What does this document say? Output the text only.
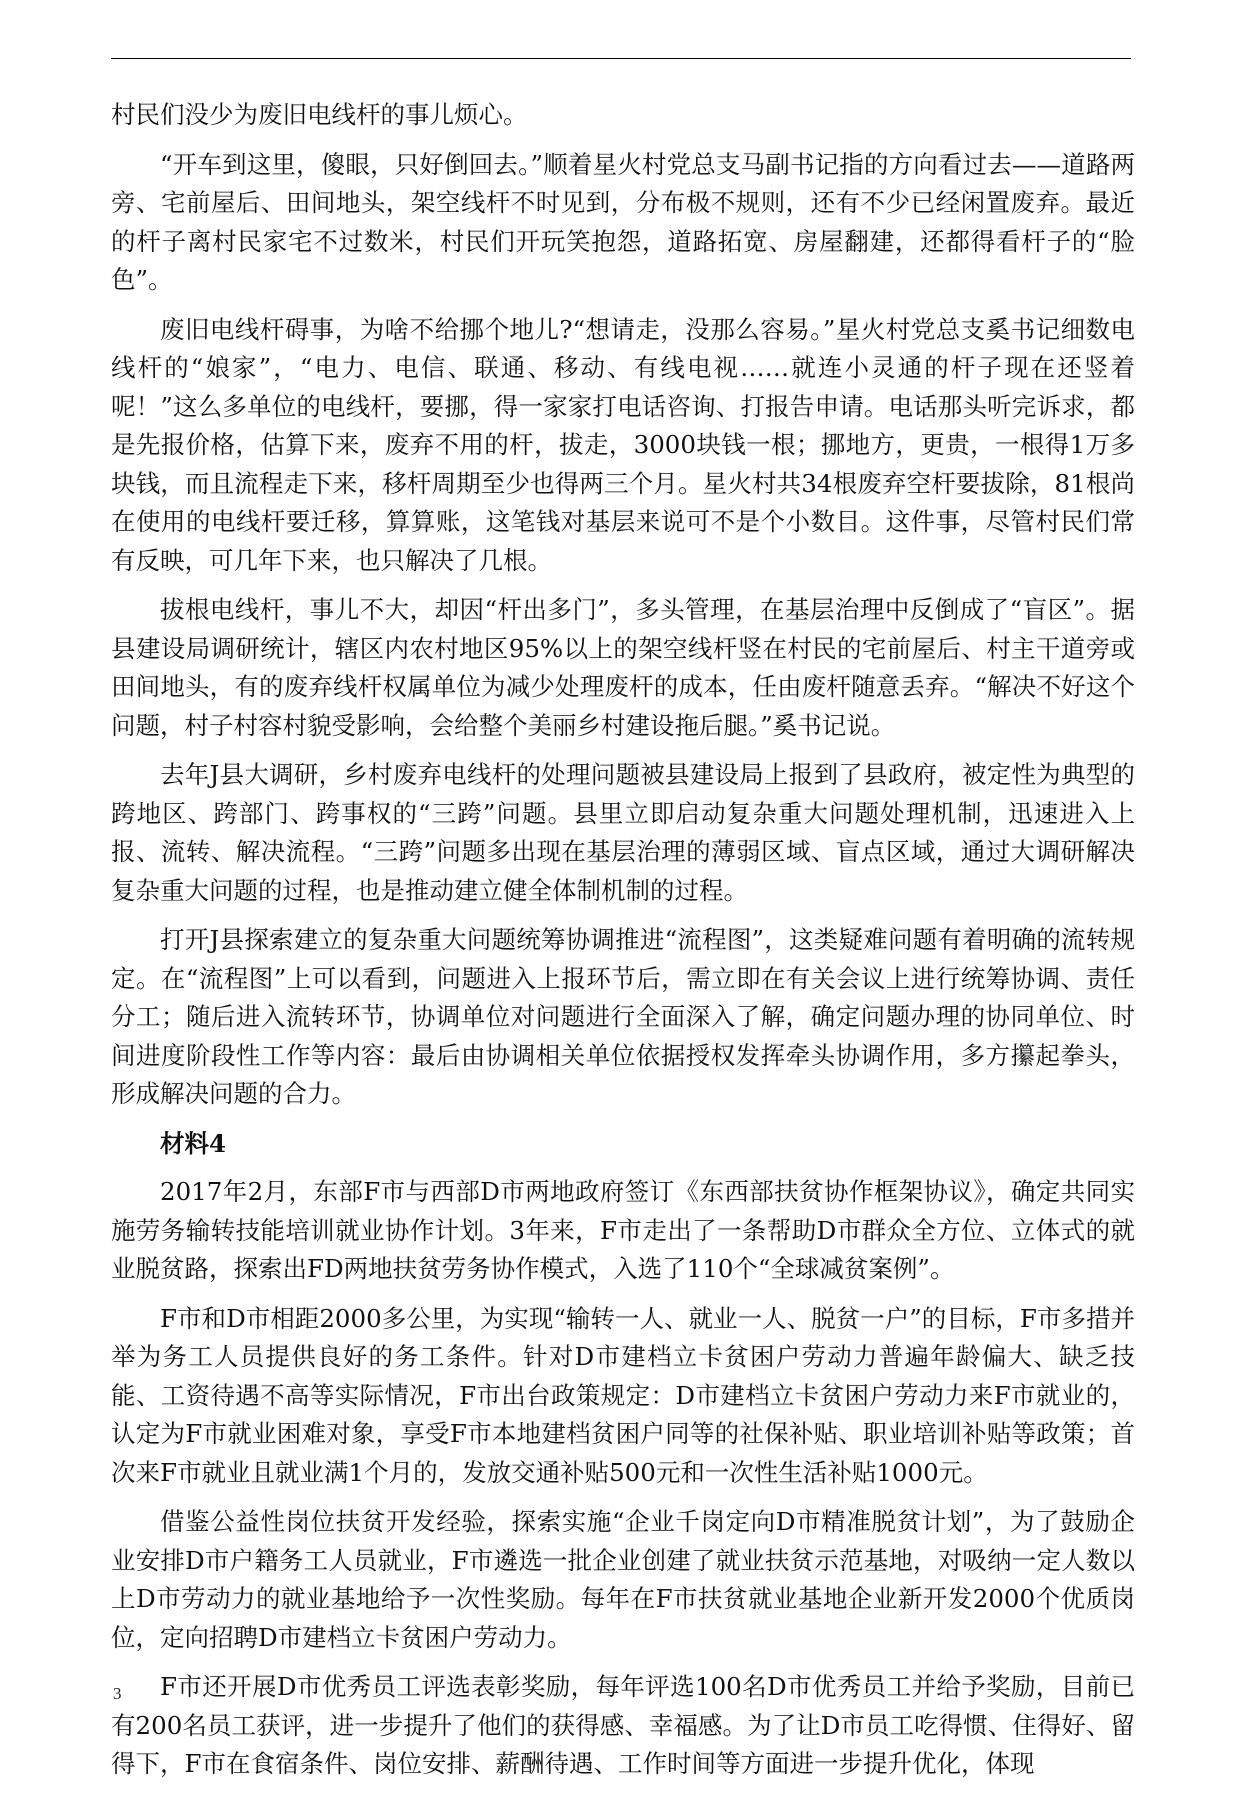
村民们没少为废旧电线杆的事儿烦心。

“开车到这里，傻眼，只好倒回去。”顺着星火村党总支马副书记指的方向看过去——道路两旁、宅前屋后、田间地头，架空线杆不时见到，分布极不规则，还有不少已经闲置废弃。最近的杆子离村民家宅不过数米，村民们开玩笑抱怨，道路拓宽、房屋翻建，还都得看杆子的“脸色”。

废旧电线杆碍事，为啥不给挪个地儿?“想请走，没那么容易。”星火村党总支奚书记细数电线杆的“娘家”，“电力、电信、联通、移动、有线电视……就连小灵通的杆子现在还竖着呢！”这么多单位的电线杆，要挪，得一家家打电话咨询、打报告申请。电话那头听完诉求，都是先报价格，估算下来，废弃不用的杆，拔走，3000块钱一根；挪地方，更贵，一根得1万多块钱，而且流程走下来，移杆周期至少也得两三个月。星火村共34根废弃空杆要拔除，81根尚在使用的电线杆要迁移，算算账，这笔钱对基层来说可不是个小数目。这件事，尽管村民们常有反映，可几年下来，也只解决了几根。

拔根电线杆，事儿不大，却因“杆出多门”，多头管理，在基层治理中反倒成了“盲区”。据县建设局调研统计，辖区内农村地区95%以上的架空线杆竖在村民的宅前屋后、村主干道旁或田间地头，有的废弃线杆权属单位为减少处理废杆的成本，任由废杆随意丢弃。“解决不好这个问题，村子村容村貌受影响，会给整个美丽乡村建设拖后腿。”奚书记说。

去年J县大调研，乡村废弃电线杆的处理问题被县建设局上报到了县政府，被定性为典型的跨地区、跨部门、跨事权的“三跨”问题。县里立即启动复杂重大问题处理机制，迅速进入上报、流转、解决流程。“三跨”问题多出现在基层治理的薄弱区域、盲点区域，通过大调研解决复杂重大问题的过程，也是推动建立健全体制机制的过程。

打开J县探索建立的复杂重大问题统筹协调推进“流程图”，这类疑难问题有着明确的流转规定。在“流程图”上可以看到，问题进入上报环节后，需立即在有关会议上进行统筹协调、责任分工；随后进入流转环节，协调单位对问题进行全面深入了解，确定问题办理的协同单位、时间进度阶段性工作等内容：最后由协调相关单位依据授权发挥牵头协调作用，多方攥起拳头，形成解决问题的合力。

材料4

2017年2月，东部F市与西部D市两地政府签订《东西部扶贫协作框架协议》，确定共同实施劳务输转技能培训就业协作计划。3年来，F市走出了一条帮助D市群众全方位、立体式的就业脱贫路，探索出FD两地扶贫劳务协作模式，入选了110个“全球减贫案例”。

F市和D市相距2000多公里，为实现“输转一人、就业一人、脱贫一户”的目标，F市多措并举为务工人员提供良好的务工条件。针对D市建档立卡贫困户劳动力普遍年龄偏大、缺乏技能、工资待遇不高等实际情况，F市出台政策规定：D市建档立卡贫困户劳动力来F市就业的，认定为F市就业困难对象，享受F市本地建档贫困户同等的社保补贴、职业培训补贴等政策；首次来F市就业且就业满1个月的，发放交通补贴500元和一次性生活补贴1000元。

借鉴公益性岗位扶贫开发经验，探索实施“企业千岗定向D市精准脱贫计划”，为了鼓励企业安排D市户籍务工人员就业，F市遴选一批企业创建了就业扶贫示范基地，对吸纳一定人数以上D市劳动力的就业基地给予一次性奖励。每年在F市扶贫就业基地企业新开发2000个优质岗位，定向招聘D市建档立卡贫困户劳动力。

F市还开展D市优秀员工评选表彰奖励，每年评选100名D市优秀员工并给予奖励，目前已有200名员工获评，进一步提升了他们的获得感、幸福感。为了让D市员工吃得惯、住得好、留得下，F市在食宿条件、岗位安排、薪酬待遇、工作时间等方面进一步提升优化，体现

3
